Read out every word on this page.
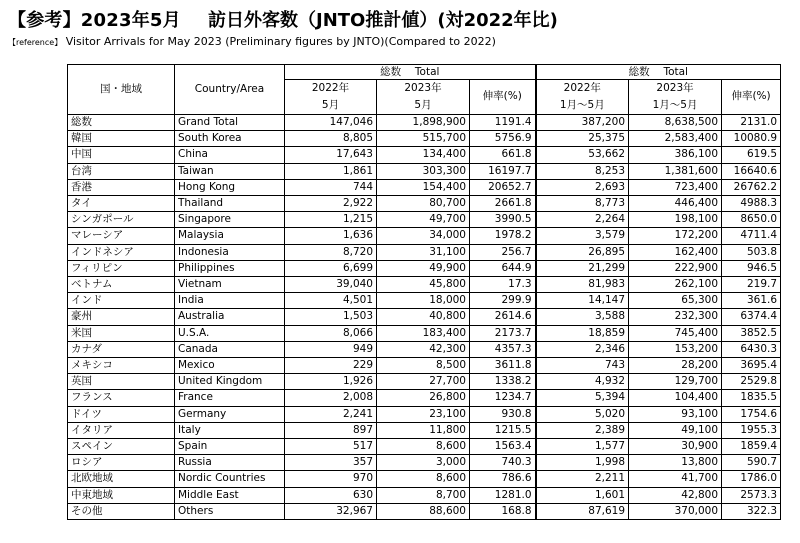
【参考】2023年5月 訪日外客数（JNTO推計値）(対2022年比)
【reference】 Visitor Arrivals for May 2023 (Preliminary figures by JNTO)(Compared to 2022)
国・地域	Country/Area	総数　 Total			総数　 Total		
		2022年	2023年	伸率(%)	2022年	2023年	伸率(%)
		5月	5月		1月～5月	1月～5月	
総数	Grand Total	147,046	1,898,900	1191.4	387,200	8,638,500	2131.0
韓国	South Korea	8,805	515,700	5756.9	25,375	2,583,400	10080.9
中国	China	17,643	134,400	661.8	53,662	386,100	619.5
台湾	Taiwan	1,861	303,300	16197.7	8,253	1,381,600	16640.6
香港	Hong Kong	744	154,400	20652.7	2,693	723,400	26762.2
タイ	Thailand	2,922	80,700	2661.8	8,773	446,400	4988.3
シンガポール	Singapore	1,215	49,700	3990.5	2,264	198,100	8650.0
マレーシア	Malaysia	1,636	34,000	1978.2	3,579	172,200	4711.4
インドネシア	Indonesia	8,720	31,100	256.7	26,895	162,400	503.8
フィリピン	Philippines	6,699	49,900	644.9	21,299	222,900	946.5
ベトナム	Vietnam	39,040	45,800	17.3	81,983	262,100	219.7
インド	India	4,501	18,000	299.9	14,147	65,300	361.6
豪州	Australia	1,503	40,800	2614.6	3,588	232,300	6374.4
米国	U.S.A.	8,066	183,400	2173.7	18,859	745,400	3852.5
カナダ	Canada	949	42,300	4357.3	2,346	153,200	6430.3
メキシコ	Mexico	229	8,500	3611.8	743	28,200	3695.4
英国	United Kingdom	1,926	27,700	1338.2	4,932	129,700	2529.8
フランス	France	2,008	26,800	1234.7	5,394	104,400	1835.5
ドイツ	Germany	2,241	23,100	930.8	5,020	93,100	1754.6
イタリア	Italy	897	11,800	1215.5	2,389	49,100	1955.3
スペイン	Spain	517	8,600	1563.4	1,577	30,900	1859.4
ロシア	Russia	357	3,000	740.3	1,998	13,800	590.7
北欧地域	Nordic Countries	970	8,600	786.6	2,211	41,700	1786.0
中東地域	Middle East	630	8,700	1281.0	1,601	42,800	2573.3
その他	Others	32,967	88,600	168.8	87,619	370,000	322.3
